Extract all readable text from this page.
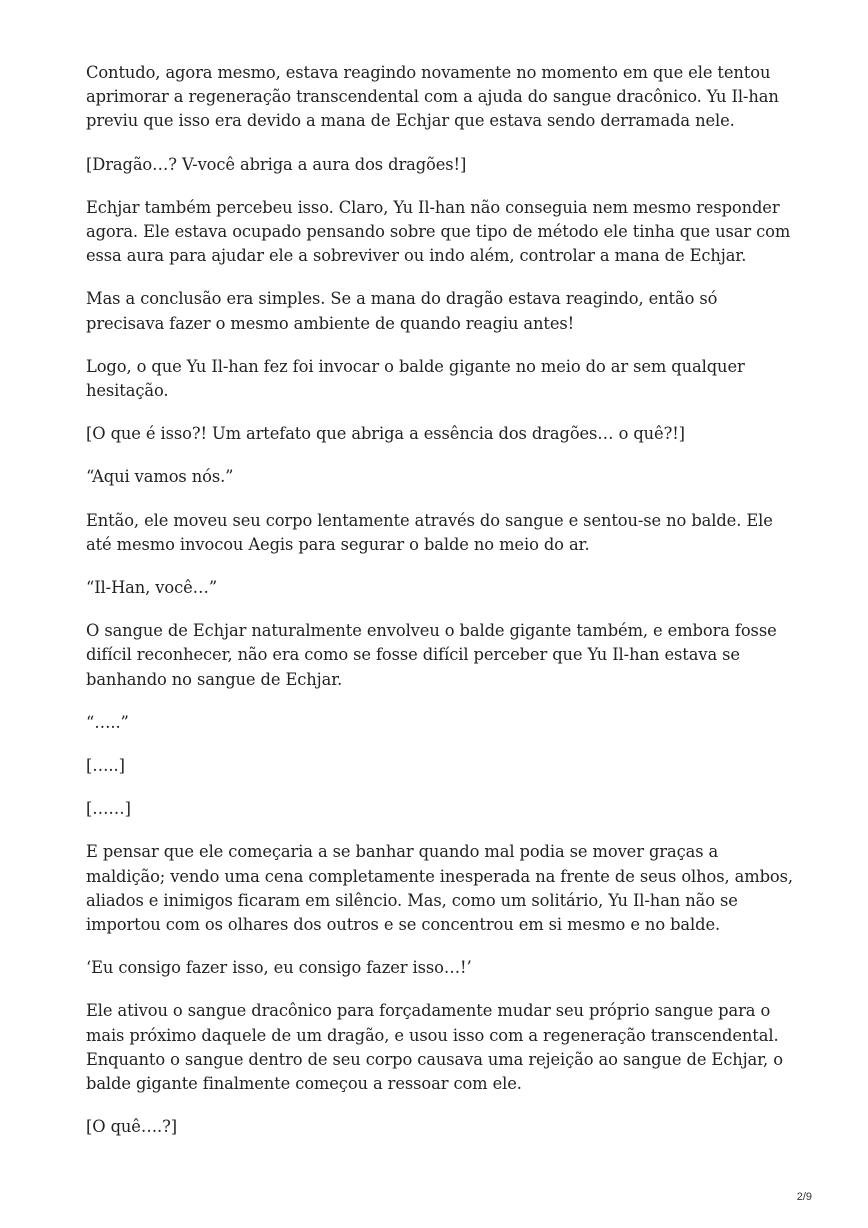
Contudo, agora mesmo, estava reagindo novamente no momento em que ele tentou aprimorar a regeneração transcendental com a ajuda do sangue dracônico. Yu Il-han previu que isso era devido a mana de Echjar que estava sendo derramada nele.

[Dragão…? V-você abriga a aura dos dragões!]

Echjar também percebeu isso. Claro, Yu Il-han não conseguia nem mesmo responder agora. Ele estava ocupado pensando sobre que tipo de método ele tinha que usar com essa aura para ajudar ele a sobreviver ou indo além, controlar a mana de Echjar.

Mas a conclusão era simples. Se a mana do dragão estava reagindo, então só precisava fazer o mesmo ambiente de quando reagiu antes!

Logo, o que Yu Il-han fez foi invocar o balde gigante no meio do ar sem qualquer hesitação.

[O que é isso?! Um artefato que abriga a essência dos dragões… o quê?!]

“Aqui vamos nós.”

Então, ele moveu seu corpo lentamente através do sangue e sentou-se no balde. Ele até mesmo invocou Aegis para segurar o balde no meio do ar.

“Il-Han, você…”

O sangue de Echjar naturalmente envolveu o balde gigante também, e embora fosse difícil reconhecer, não era como se fosse difícil perceber que Yu Il-han estava se banhando no sangue de Echjar.

“…..”

[…..]

[……]

E pensar que ele começaria a se banhar quando mal podia se mover graças a maldição; vendo uma cena completamente inesperada na frente de seus olhos, ambos, aliados e inimigos ficaram em silêncio. Mas, como um solitário, Yu Il-han não se importou com os olhares dos outros e se concentrou em si mesmo e no balde.

‘Eu consigo fazer isso, eu consigo fazer isso…!’

Ele ativou o sangue dracônico para forçadamente mudar seu próprio sangue para o mais próximo daquele de um dragão, e usou isso com a regeneração transcendental. Enquanto o sangue dentro de seu corpo causava uma rejeição ao sangue de Echjar, o balde gigante finalmente começou a ressoar com ele.

[O quê….?]

2/9
